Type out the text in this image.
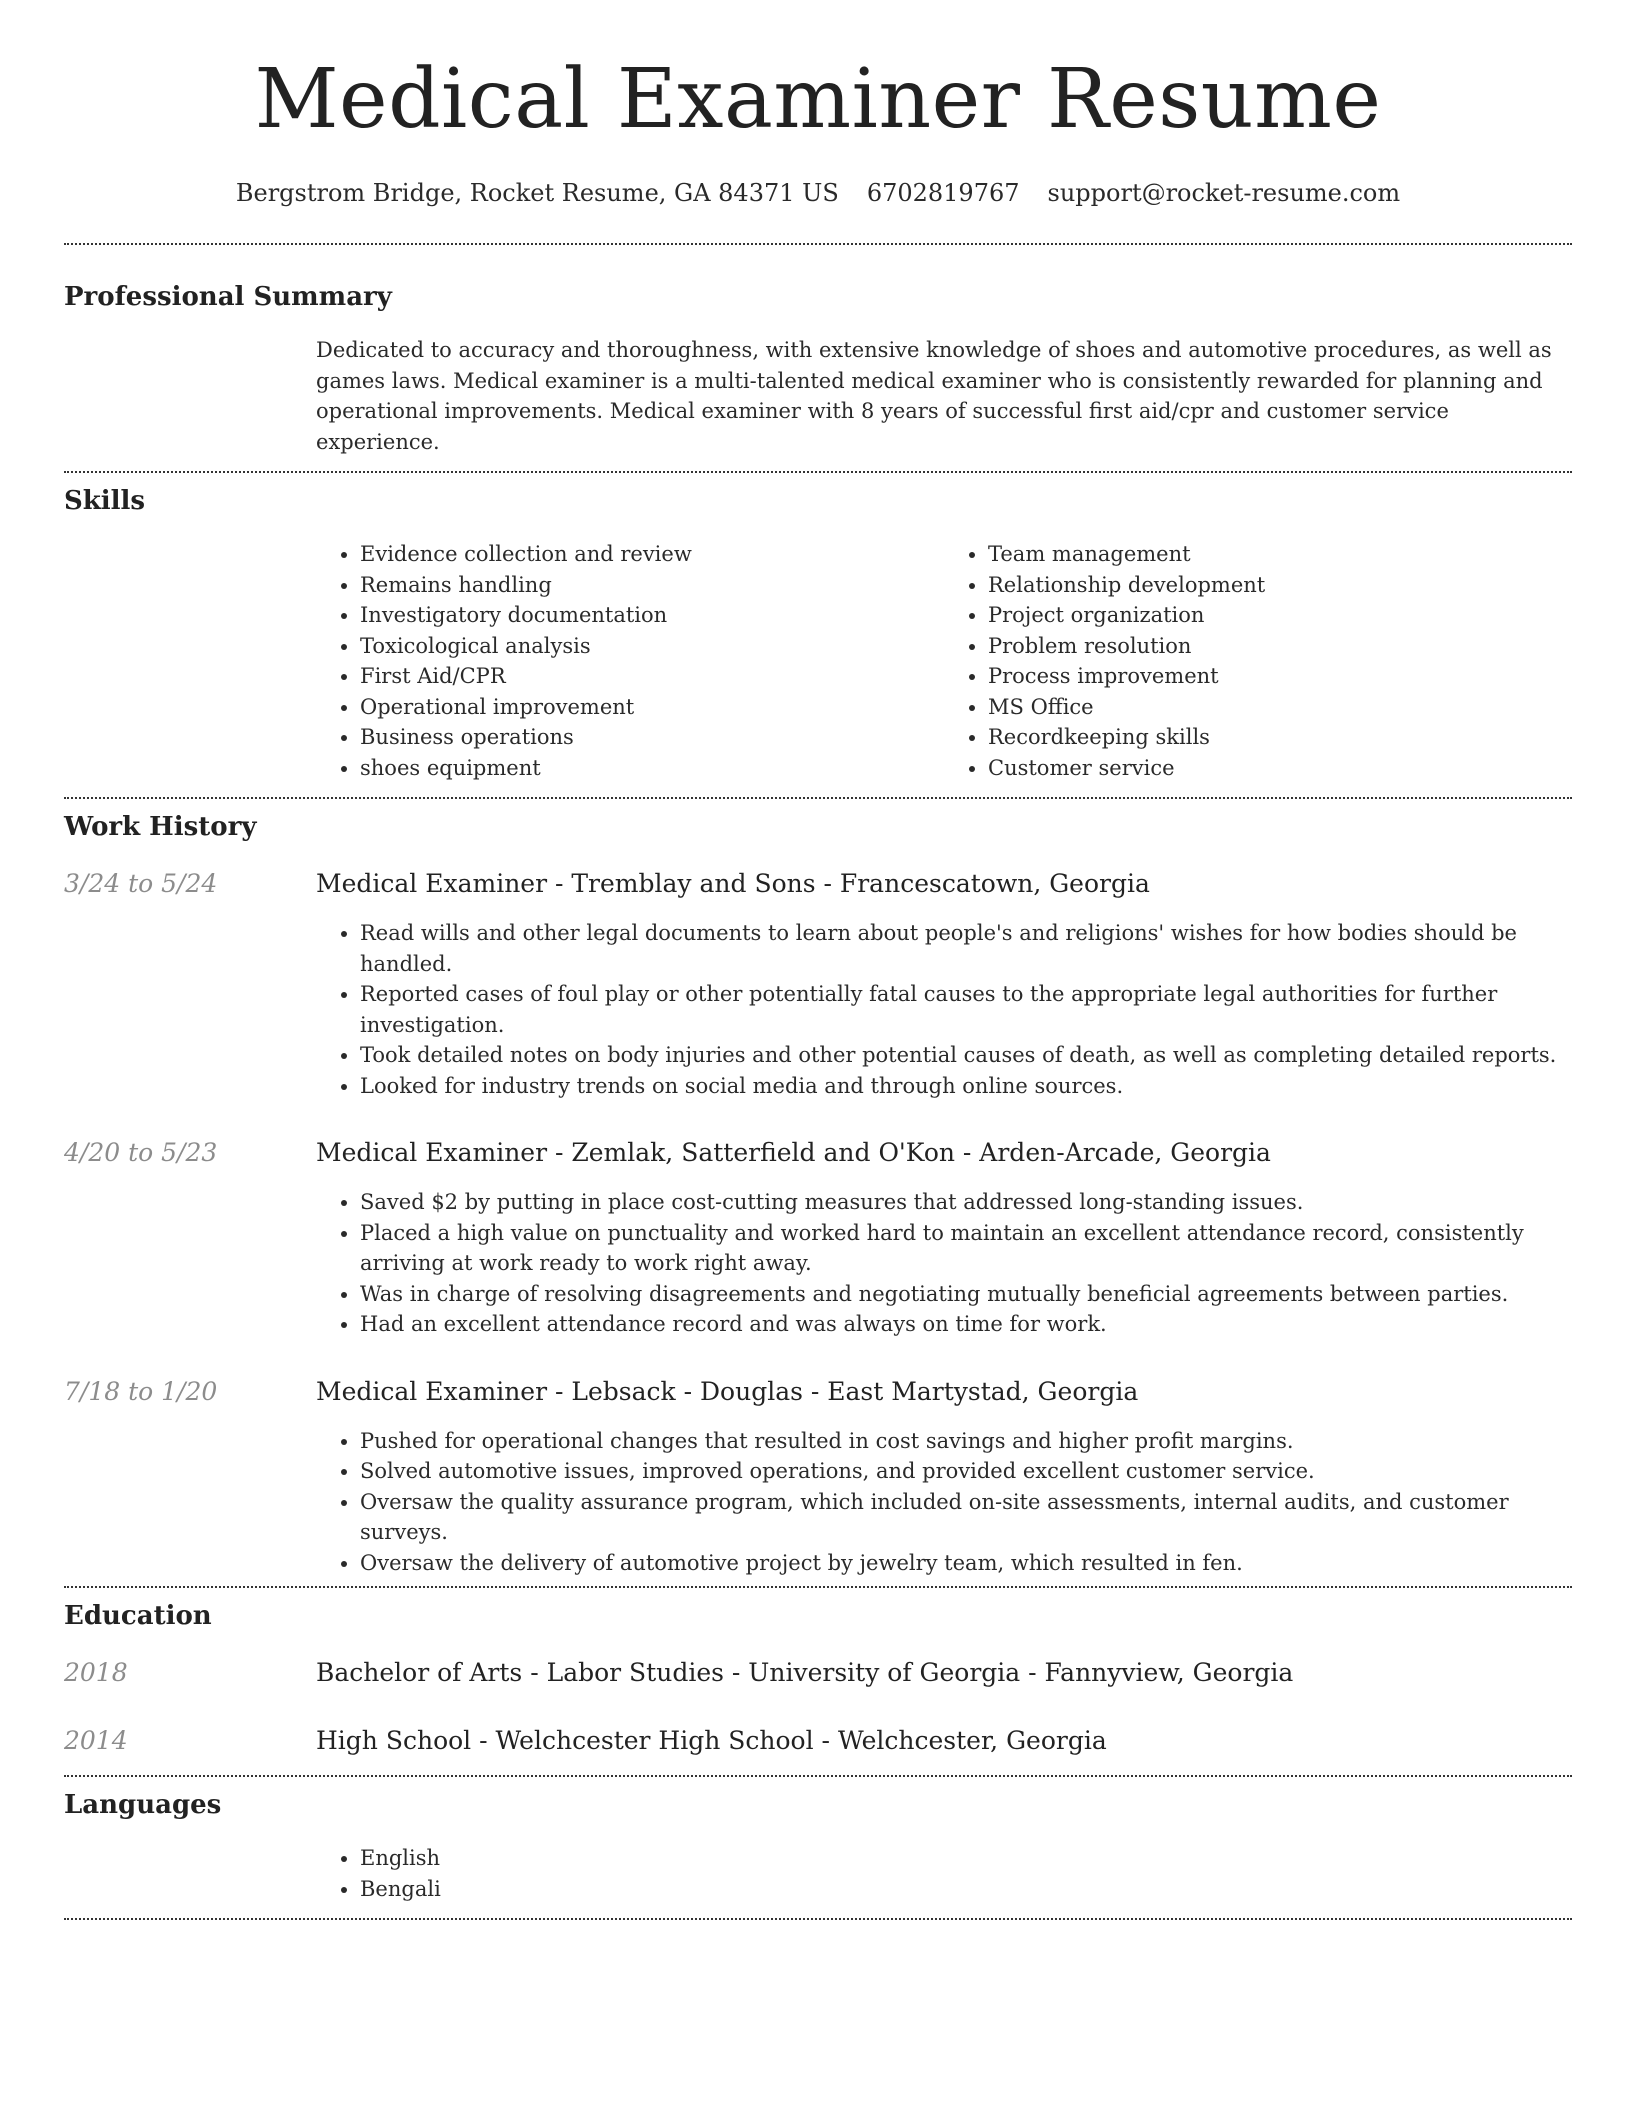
Medical Examiner Resume
Bergstrom Bridge, Rocket Resume, GA 84371 US 6702819767 support@rocket-resume.com
Professional Summary

Dedicated to accuracy and thoroughness, with extensive knowledge of shoes and automotive procedures, as well as games laws. Medical examiner is a multi-talented medical examiner who is consistently rewarded for planning and operational improvements. Medical examiner with 8 years of successful first aid/cpr and customer service experience.

Skills
• Evidence collection and review
• Remains handling
• Investigatory documentation
• Toxicological analysis
• First Aid/CPR
• Operational improvement
• Business operations
• shoes equipment
• Team management
• Relationship development
• Project organization
• Problem resolution
• Process improvement
• MS Office
• Recordkeeping skills
• Customer service
Work History
3/24 to 5/24	Medical Examiner - Tremblay and Sons - Francescatown, Georgia
• Read wills and other legal documents to learn about people's and religions' wishes for how bodies should be handled.
• Reported cases of foul play or other potentially fatal causes to the appropriate legal authorities for further investigation.
• Took detailed notes on body injuries and other potential causes of death, as well as completing detailed reports.
• Looked for industry trends on social media and through online sources.
4/20 to 5/23	Medical Examiner - Zemlak, Satterfield and O'Kon - Arden-Arcade, Georgia
• Saved $2 by putting in place cost-cutting measures that addressed long-standing issues.
• Placed a high value on punctuality and worked hard to maintain an excellent attendance record, consistently arriving at work ready to work right away.
• Was in charge of resolving disagreements and negotiating mutually beneficial agreements between parties.
• Had an excellent attendance record and was always on time for work.
7/18 to 1/20	Medical Examiner - Lebsack - Douglas - East Martystad, Georgia
• Pushed for operational changes that resulted in cost savings and higher profit margins.
• Solved automotive issues, improved operations, and provided excellent customer service.
• Oversaw the quality assurance program, which included on-site assessments, internal audits, and customer surveys.
• Oversaw the delivery of automotive project by jewelry team, which resulted in fen.
Education
2018	Bachelor of Arts - Labor Studies - University of Georgia - Fannyview, Georgia
2014	High School - Welchcester High School - Welchcester, Georgia
Languages
• English
• Bengali
